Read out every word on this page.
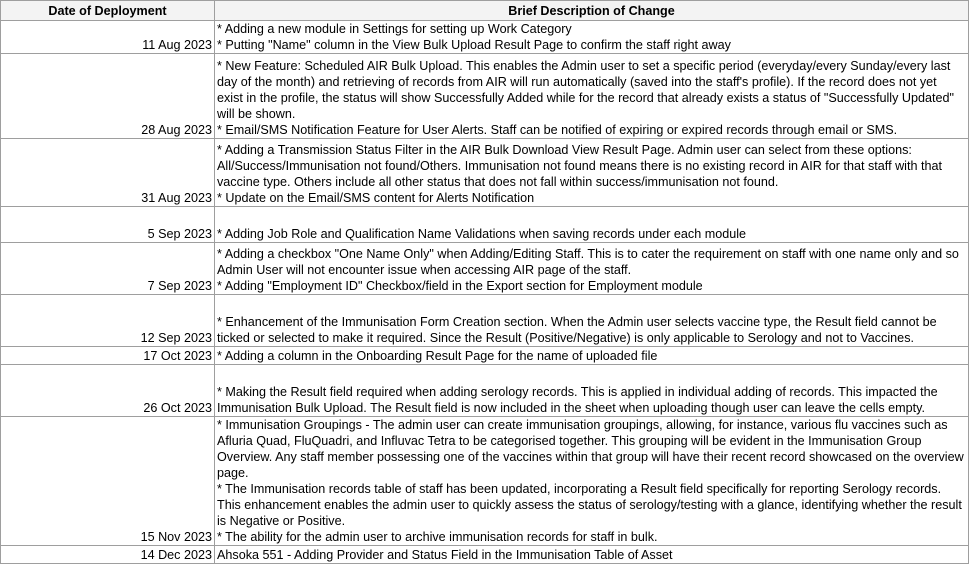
Date of Deployment	Brief Description of Change
11 Aug 2023	* Adding a new module in Settings for setting up Work Category
* Putting "Name" column in the View Bulk Upload Result Page to confirm the staff right away

28 Aug 2023	* New Feature: Scheduled AIR Bulk Upload. This enables the Admin user to set a specific period (everyday/every Sunday/every last day of the month) and retrieving of records from AIR will run automatically (saved into the staff's profile). If the record does not yet exist in the profile, the status will show Successfully Added while for the record that already exists a status of "Successfully Updated" will be shown.
* Email/SMS Notification Feature for User Alerts. Staff can be notified of expiring or expired records through email or SMS.

31 Aug 2023	* Adding a Transmission Status Filter in the AIR Bulk Download View Result Page. Admin user can select from these options: All/Success/Immunisation not found/Others. Immunisation not found means there is no existing record in AIR for that staff with that vaccine type. Others include all other status that does not fall within success/immunisation not found.
* Update on the Email/SMS content for Alerts Notification

5 Sep 2023	* Adding Job Role and Qualification Name Validations when saving records under each module

7 Sep 2023	* Adding a checkbox "One Name Only" when Adding/Editing Staff. This is to cater the requirement on staff with one name only and so Admin User will not encounter issue when accessing AIR page of the staff.
* Adding "Employment ID" Checkbox/field in the Export section for Employment module

12 Sep 2023	* Enhancement of the Immunisation Form Creation section. When the Admin user selects vaccine type, the Result field cannot be ticked or selected to make it required. Since the Result (Positive/Negative) is only applicable to Serology and not to Vaccines.

17 Oct 2023	* Adding a column in the Onboarding Result Page for the name of uploaded file

26 Oct 2023	* Making the Result field required when adding serology records. This is applied in individual adding of records. This impacted the Immunisation Bulk Upload. The Result field is now included in the sheet when uploading though user can leave the cells empty.

15 Nov 2023	* Immunisation Groupings - The admin user can create immunisation groupings, allowing, for instance, various flu vaccines such as Afluria Quad, FluQuadri, and Influvac Tetra to be categorised together. This grouping will be evident in the Immunisation Group Overview. Any staff member possessing one of the vaccines within that group will have their recent record showcased on the overview page.
* The Immunisation records table of staff has been updated, incorporating a Result field specifically for reporting Serology records. This enhancement enables the admin user to quickly assess the status of serology/testing with a glance, identifying whether the result is Negative or Positive.
* The ability for the admin user to archive immunisation records for staff in bulk.

14 Dec 2023	Ahsoka 551 - Adding Provider and Status Field in the Immunisation Table of Asset
